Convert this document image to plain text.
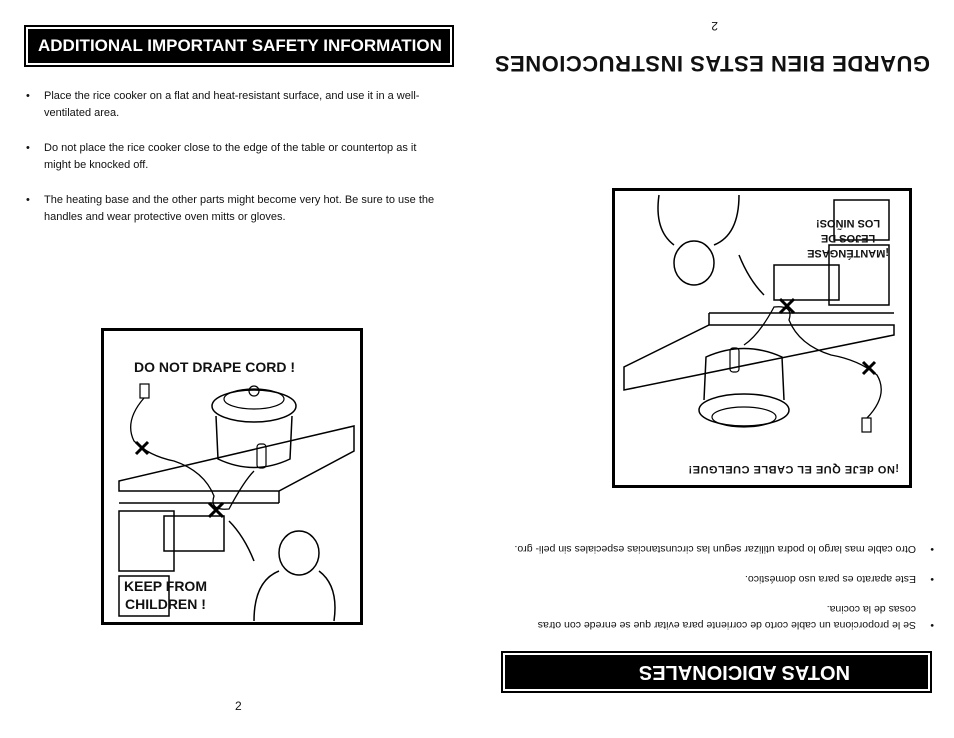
ADDITIONAL IMPORTANT SAFETY INFORMATION
• Place the rice cooker on a flat and heat-resistant surface, and use it in a well-ventilated area.
• Do not place the rice cooker close to the edge of the table or countertop as it might be knocked off.
• The heating base and the other parts might become very hot. Be sure to use the handles and wear protective oven mitts or gloves.
DO NOT DRAPE CORD !
KEEP FROM
CHILDREN !
2
NOTAS ADICIONALES
•
Se le proporciona un cable corto de corriente para evitar que se enrede con otras cosas de la cocina.
•
Este aparato es para uso doméstico.
•
Otro cable mas largo lo podra utilizar segun las circunstancias especiales sin peli- gro.
¡NO dEJE QUE EL CABLE CUELGUE!
¡MANTÉNGASE
LEJOS DE
LOS NIÑOS!
GUARDE BIEN ESTAS INSTRUCCIONES
2
